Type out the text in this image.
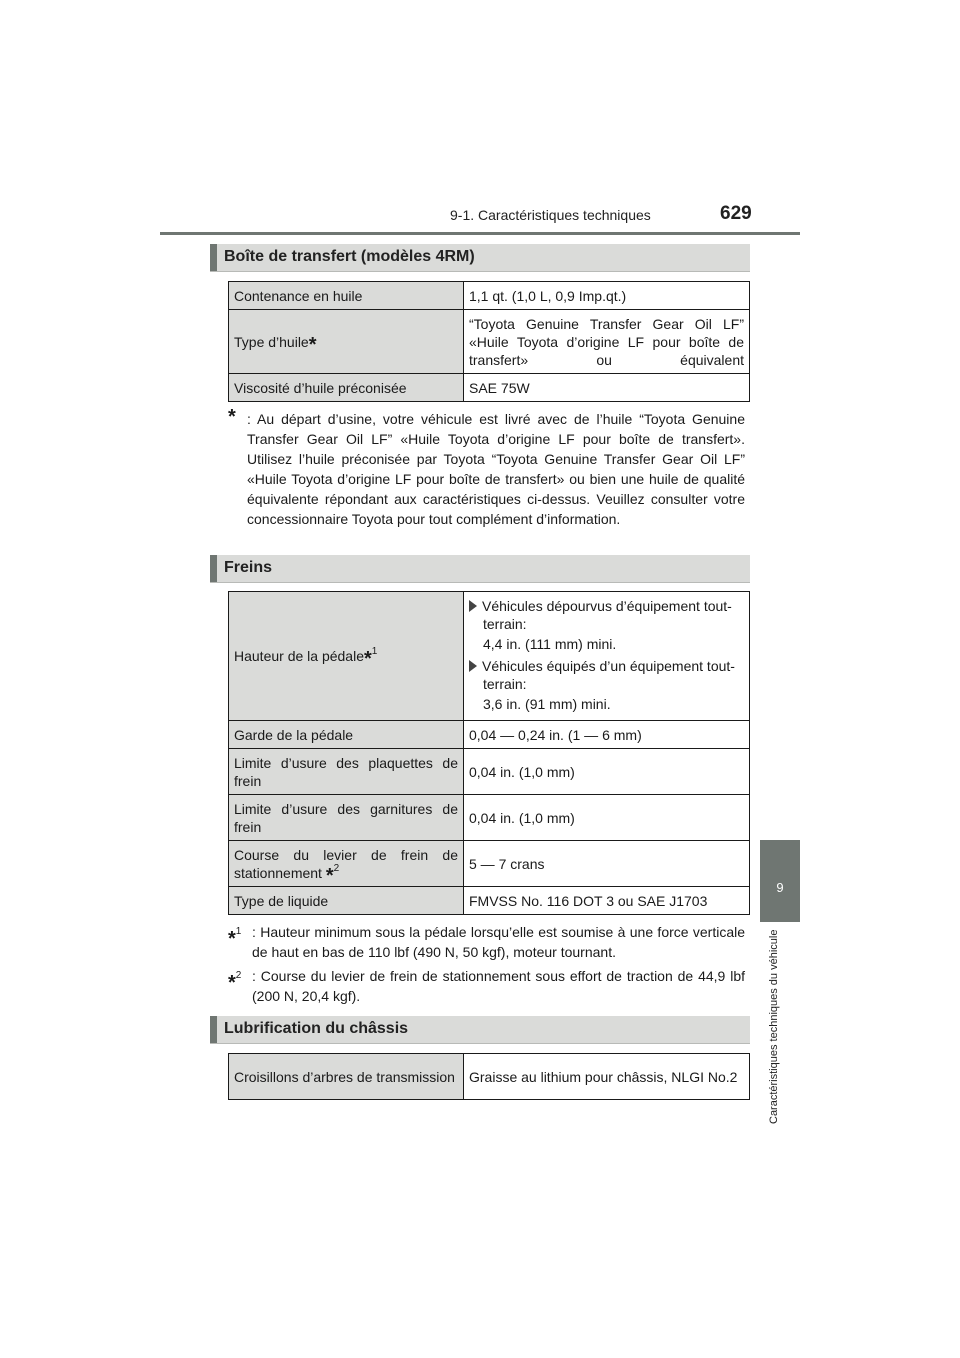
9-1. Caractéristiques techniques	629
9
Caractéristiques techniques du véhicule
Boîte de transfert (modèles 4RM)
Contenance en huile	1,1 qt. (1,0 L, 0,9 Imp.qt.)
Type d’huile*	“Toyota Genuine Transfer Gear Oil LF” «Huile Toyota d’origine LF pour boîte de transfert» ou équivalent
Viscosité d’huile préconisée	SAE 75W
* : Au départ d’usine, votre véhicule est livré avec de l’huile “Toyota Genuine Transfer Gear Oil LF” «Huile Toyota d’origine LF pour boîte de transfert». Utilisez l’huile préconisée par Toyota “Toyota Genuine Transfer Gear Oil LF” «Huile Toyota d’origine LF pour boîte de transfert» ou bien une huile de qualité équivalente répondant aux caractéristiques ci-dessus. Veuillez consulter votre concessionnaire Toyota pour tout complément d’information.
Freins
Hauteur de la pédale*$^1$	Véhicules dépourvus d’équipement tout-terrain:
4,4 in. (111 mm) mini.
Véhicules équipés d’un équipement tout-terrain:
3,6 in. (91 mm) mini.

Garde de la pédale	0,04 — 0,24 in. (1 — 6 mm)
Limite d’usure des plaquettes de frein	0,04 in. (1,0 mm)
Limite d’usure des garnitures de frein	0,04 in. (1,0 mm)
Course du levier de frein de stationnement *$^2$	5 — 7 crans
Type de liquide	FMVSS No. 116 DOT 3 ou SAE J1703
*$^1$ : Hauteur minimum sous la pédale lorsqu’elle est soumise à une force verticale de haut en bas de 110 lbf (490 N, 50 kgf), moteur tournant.
*$^2$ : Course du levier de frein de stationnement sous effort de traction de 44,9 lbf (200 N, 20,4 kgf).
Lubrification du châssis
Croisillons d’arbres de transmission	Graisse au lithium pour châssis, NLGI No.2
